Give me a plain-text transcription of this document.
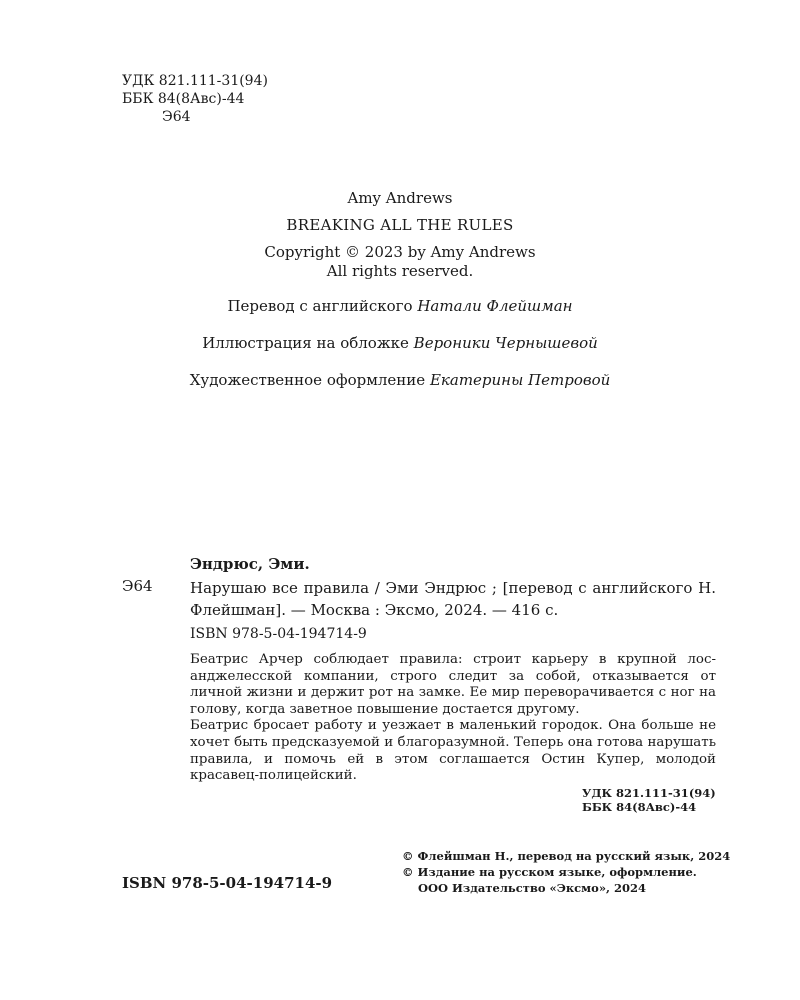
УДК 821.111-31(94)
ББК 84(8Авс)-44
Э64
Amy Andrews
BREAKING ALL THE RULES
Copyright © 2023 by Amy Andrews
All rights reserved.
Перевод с английского Натали Флейшман
Иллюстрация на обложке Вероники Чернышевой
Художественное оформление Екатерины Петровой
Эндрюс, Эми.
Э64 Нарушаю все правила / Эми Эндрюс ; [перевод с английского Н. Флейшман]. — Москва : Эксмо, 2024. — 416 с.
ISBN 978-5-04-194714-9

Беатрис Арчер соблюдает правила: строит карьеру в крупной лос-анджелесской компании, строго следит за собой, отказывается от личной жизни и держит рот на замке. Ее мир переворачивается с ног на голову, когда заветное повышение достается другому.

Беатрис бросает работу и уезжает в маленький городок. Она больше не хочет быть предсказуемой и благоразумной. Теперь она готова нарушать правила, и помочь ей в этом соглашается Остин Купер, молодой красавец-полицейский.

УДК 821.111-31(94)
ББК 84(8Авс)-44
© Флейшман Н., перевод на русский язык, 2024
© Издание на русском языке, оформление.
ООО Издательство «Эксмо», 2024
ISBN 978-5-04-194714-9
